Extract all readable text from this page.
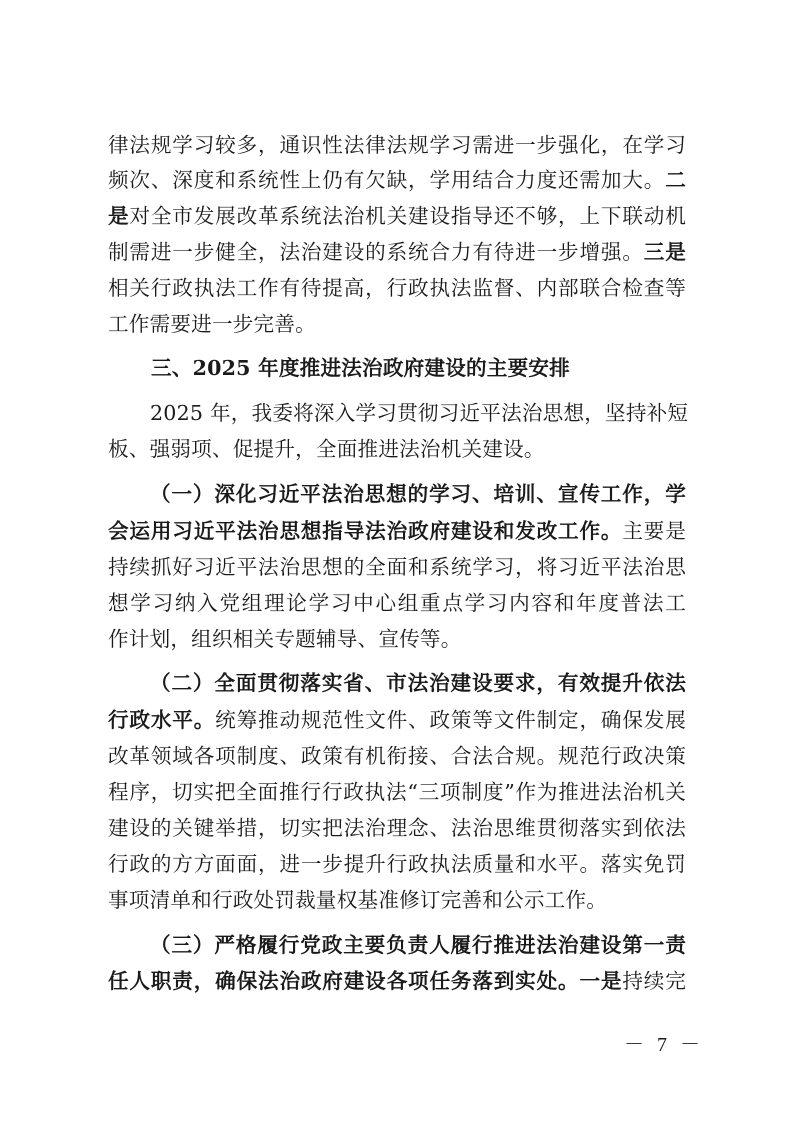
律法规学习较多，通识性法律法规学习需进一步强化，在学习
频次、深度和系统性上仍有欠缺，学用结合力度还需加大。二
是对全市发展改革系统法治机关建设指导还不够，上下联动机
制需进一步健全，法治建设的系统合力有待进一步增强。三是
相关行政执法工作有待提高，行政执法监督、内部联合检查等
工作需要进一步完善。
三、2025 年度推进法治政府建设的主要安排
2025 年，我委将深入学习贯彻习近平法治思想，坚持补短
板、强弱项、促提升，全面推进法治机关建设。
（一）深化习近平法治思想的学习、培训、宣传工作，学
会运用习近平法治思想指导法治政府建设和发改工作。主要是
持续抓好习近平法治思想的全面和系统学习，将习近平法治思
想学习纳入党组理论学习中心组重点学习内容和年度普法工
作计划，组织相关专题辅导、宣传等。
（二）全面贯彻落实省、市法治建设要求，有效提升依法
行政水平。统筹推动规范性文件、政策等文件制定，确保发展
改革领域各项制度、政策有机衔接、合法合规。规范行政决策
程序，切实把全面推行行政执法“三项制度”作为推进法治机关
建设的关键举措，切实把法治理念、法治思维贯彻落实到依法
行政的方方面面，进一步提升行政执法质量和水平。落实免罚
事项清单和行政处罚裁量权基准修订完善和公示工作。
（三）严格履行党政主要负责人履行推进法治建设第一责
任人职责，确保法治政府建设各项任务落到实处。一是持续完
－ 7 －
